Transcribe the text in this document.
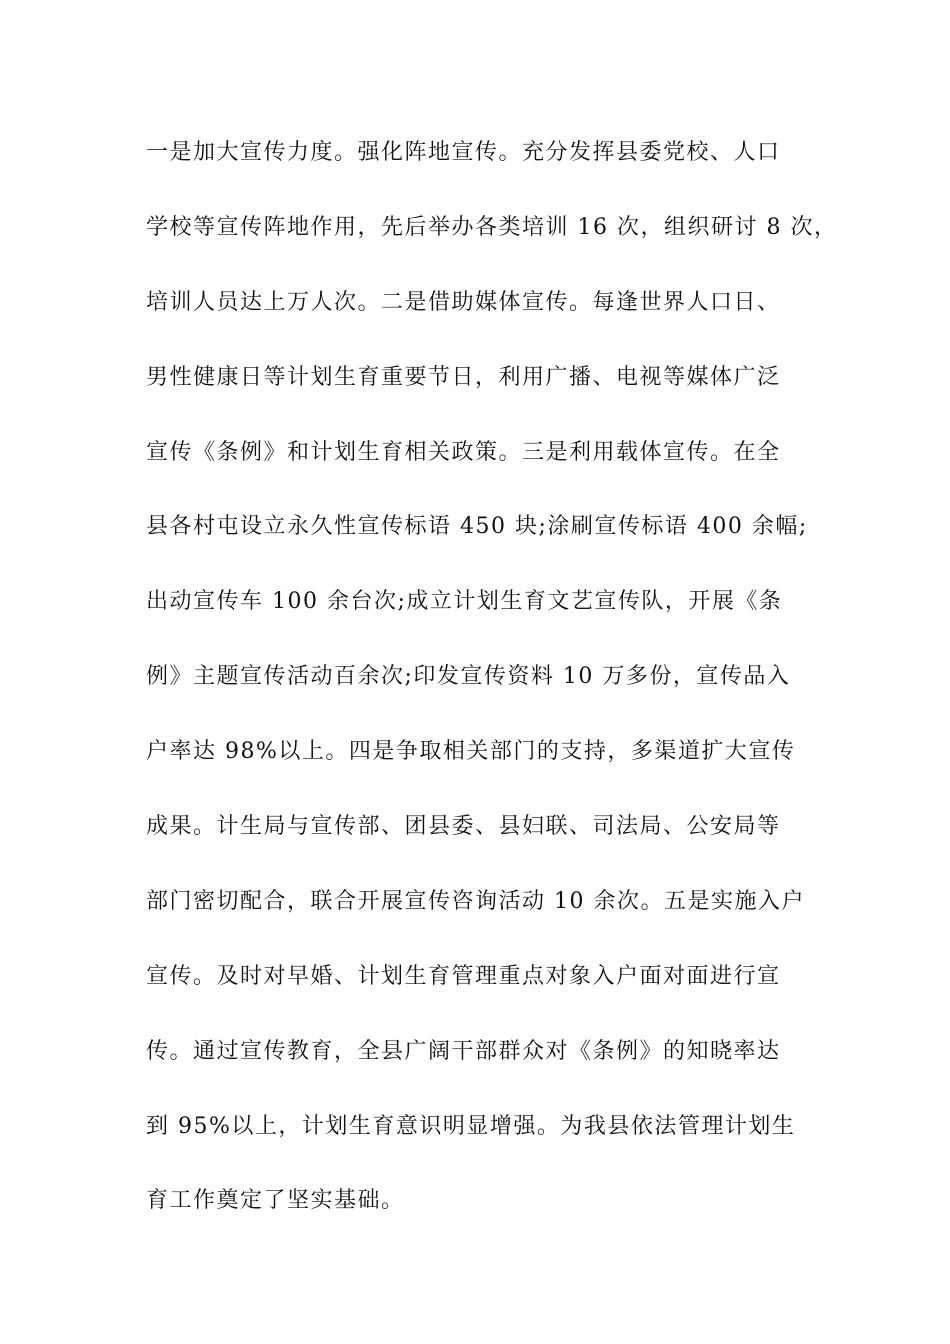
一是加大宣传力度。强化阵地宣传。充分发挥县委党校、人口
学校等宣传阵地作用，先后举办各类培训 16 次，组织研讨 8 次，
培训人员达上万人次。二是借助媒体宣传。每逢世界人口日、
男性健康日等计划生育重要节日，利用广播、电视等媒体广泛
宣传《条例》和计划生育相关政策。三是利用载体宣传。在全
县各村屯设立永久性宣传标语 450 块;涂刷宣传标语 400 余幅;
出动宣传车 100 余台次;成立计划生育文艺宣传队，开展《条
例》主题宣传活动百余次;印发宣传资料 10 万多份，宣传品入
户率达 98%以上。四是争取相关部门的支持，多渠道扩大宣传
成果。计生局与宣传部、团县委、县妇联、司法局、公安局等
部门密切配合，联合开展宣传咨询活动 10 余次。五是实施入户
宣传。及时对早婚、计划生育管理重点对象入户面对面进行宣
传。通过宣传教育，全县广阔干部群众对《条例》的知晓率达
到 95%以上，计划生育意识明显增强。为我县依法管理计划生
育工作奠定了坚实基础。
